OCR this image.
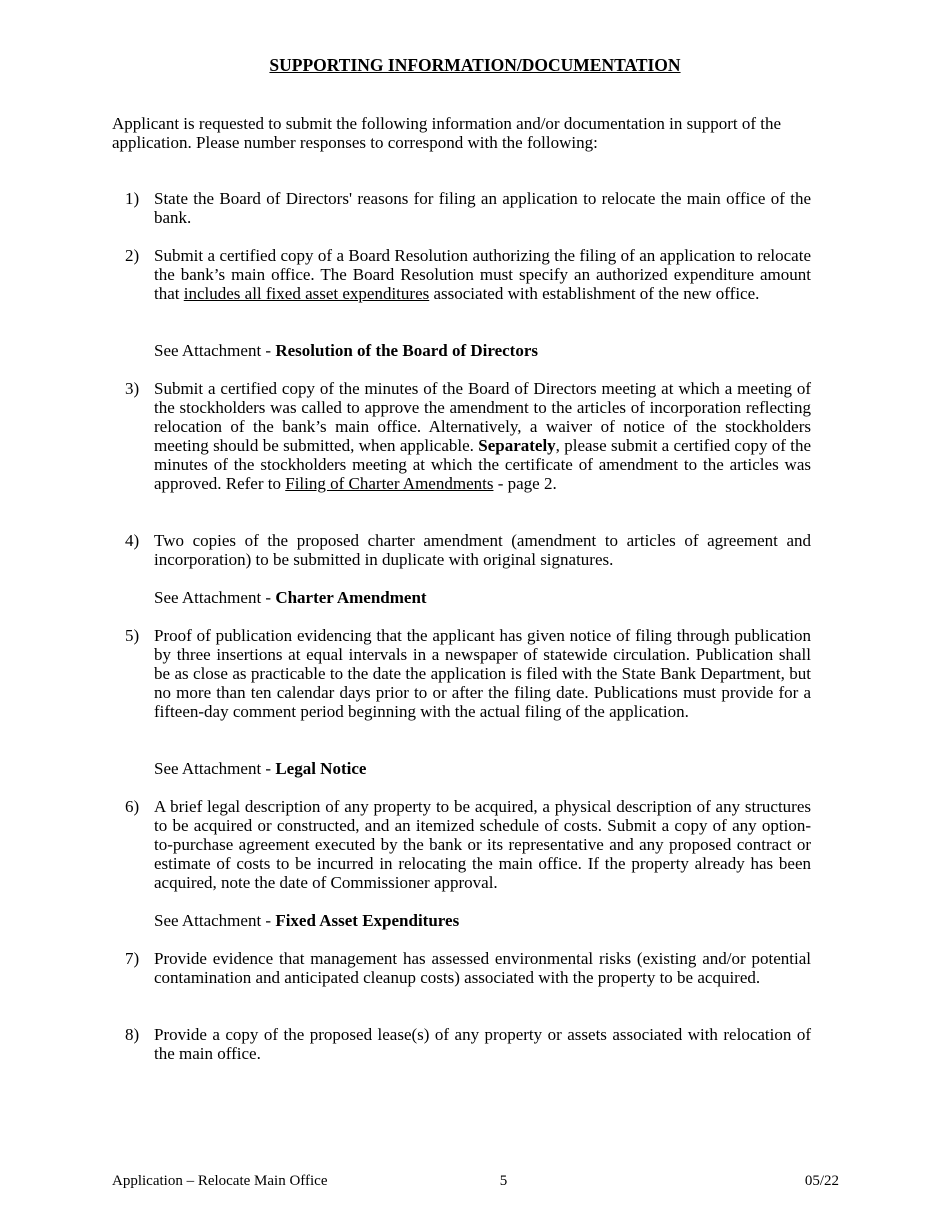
SUPPORTING INFORMATION/DOCUMENTATION

Applicant is requested to submit the following information and/or documentation in support of the application. Please number responses to correspond with the following:

1) State the Board of Directors' reasons for filing an application to relocate the main office of the bank.
2) Submit a certified copy of a Board Resolution authorizing the filing of an application to relocate the bank’s main office. The Board Resolution must specify an authorized expenditure amount that includes all fixed asset expenditures associated with establishment of the new office.

See Attachment - Resolution of the Board of Directors

3) Submit a certified copy of the minutes of the Board of Directors meeting at which a meeting of the stockholders was called to approve the amendment to the articles of incorporation reflecting relocation of the bank’s main office. Alternatively, a waiver of notice of the stockholders meeting should be submitted, when applicable. Separately, please submit a certified copy of the minutes of the stockholders meeting at which the certificate of amendment to the articles was approved. Refer to Filing of Charter Amendments - page 2.
4) Two copies of the proposed charter amendment (amendment to articles of agreement and incorporation) to be submitted in duplicate with original signatures.

See Attachment - Charter Amendment

5) Proof of publication evidencing that the applicant has given notice of filing through publication by three insertions at equal intervals in a newspaper of statewide circulation. Publication shall be as close as practicable to the date the application is filed with the State Bank Department, but no more than ten calendar days prior to or after the filing date. Publications must provide for a fifteen-day comment period beginning with the actual filing of the application.

See Attachment - Legal Notice

6) A brief legal description of any property to be acquired, a physical description of any structures to be acquired or constructed, and an itemized schedule of costs. Submit a copy of any option-to-purchase agreement executed by the bank or its representative and any proposed contract or estimate of costs to be incurred in relocating the main office. If the property already has been acquired, note the date of Commissioner approval.

See Attachment - Fixed Asset Expenditures

7) Provide evidence that management has assessed environmental risks (existing and/or potential contamination and anticipated cleanup costs) associated with the property to be acquired.
8) Provide a copy of the proposed lease(s) of any property or assets associated with relocation of the main office.
Application – Relocate Main Office	5	05/22
